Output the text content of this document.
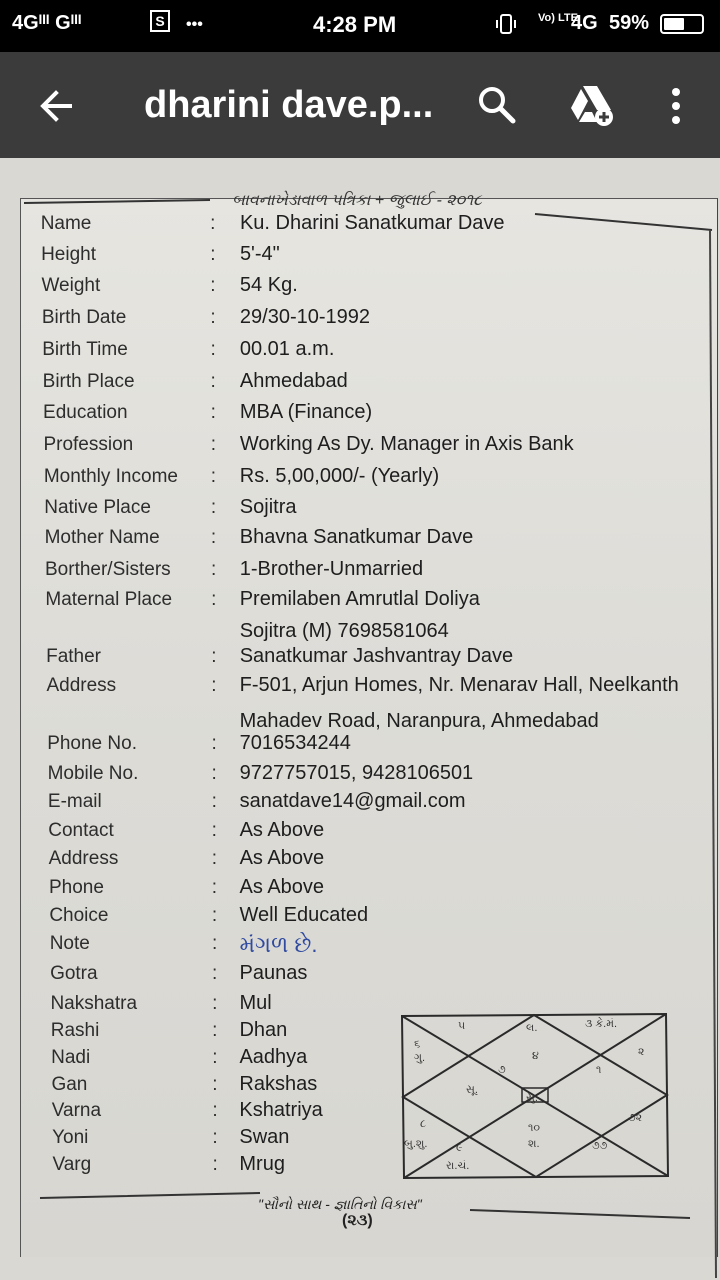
4Gᴵᴵᴵ Gᴵᴵᴵ	S	•••	4:28 PM	Vo) LTE
4G 59%
dharini dave.p...
Name	: Ku. Dharini Sanatkumar Dave
Height	: 5'-4"
Weight	: 54 Kg.
Birth Date	: 29/30-10-1992
Birth Time	: 00.01 a.m.
Birth Place	: Ahmedabad
Education	: MBA (Finance)
Profession	: Working As Dy. Manager in Axis Bank
Monthly Income : Rs. 5,00,000/- (Yearly)
Native Place	: Sojitra
Mother Name	: Bhavna Sanatkumar Dave
Borther/Sisters : 1-Brother-Unmarried
Maternal Place : Premilaben Amrutlal Doliya
Sojitra (M) 7698581064
Father	: Sanatkumar Jashvantray Dave
Address	: F-501, Arjun Homes, Nr. Menarav Hall, Neelkanth
Mahadev Road, Naranpura, Ahmedabad
Phone No.	: 7016534244
Mobile No.	: 9727757015, 9428106501
E-mail	: sanatdave14@gmail.com
Contact	: As Above
Address	: As Above
Phone	: As Above
Choice	: Well Educated
Note	: મંગળ છે.
Gotra	: Paunas
Nakshatra	: Mul
Rashi	: Dhan
Nadi	: Aadhya
Gan	: Rakshas
Varna	: Kshatriya
Yoni	: Swan
Varg	: Mrug
બાવનાખેડાવાળ પત્રિકા + જુલાઈ - ૨૦૧૮
૫	લ.	૩ કે.મં.
૬
ગુ.	૪	૨
૭	૧
સૂ.
સુ.
૮	૭૨
૧૦
બુ.શુ.	૯	શ.	૭૭
રા.ચં.
"સૌનો સાથ - જ્ઞાતિનો વિકાસ"
(૨૩)
